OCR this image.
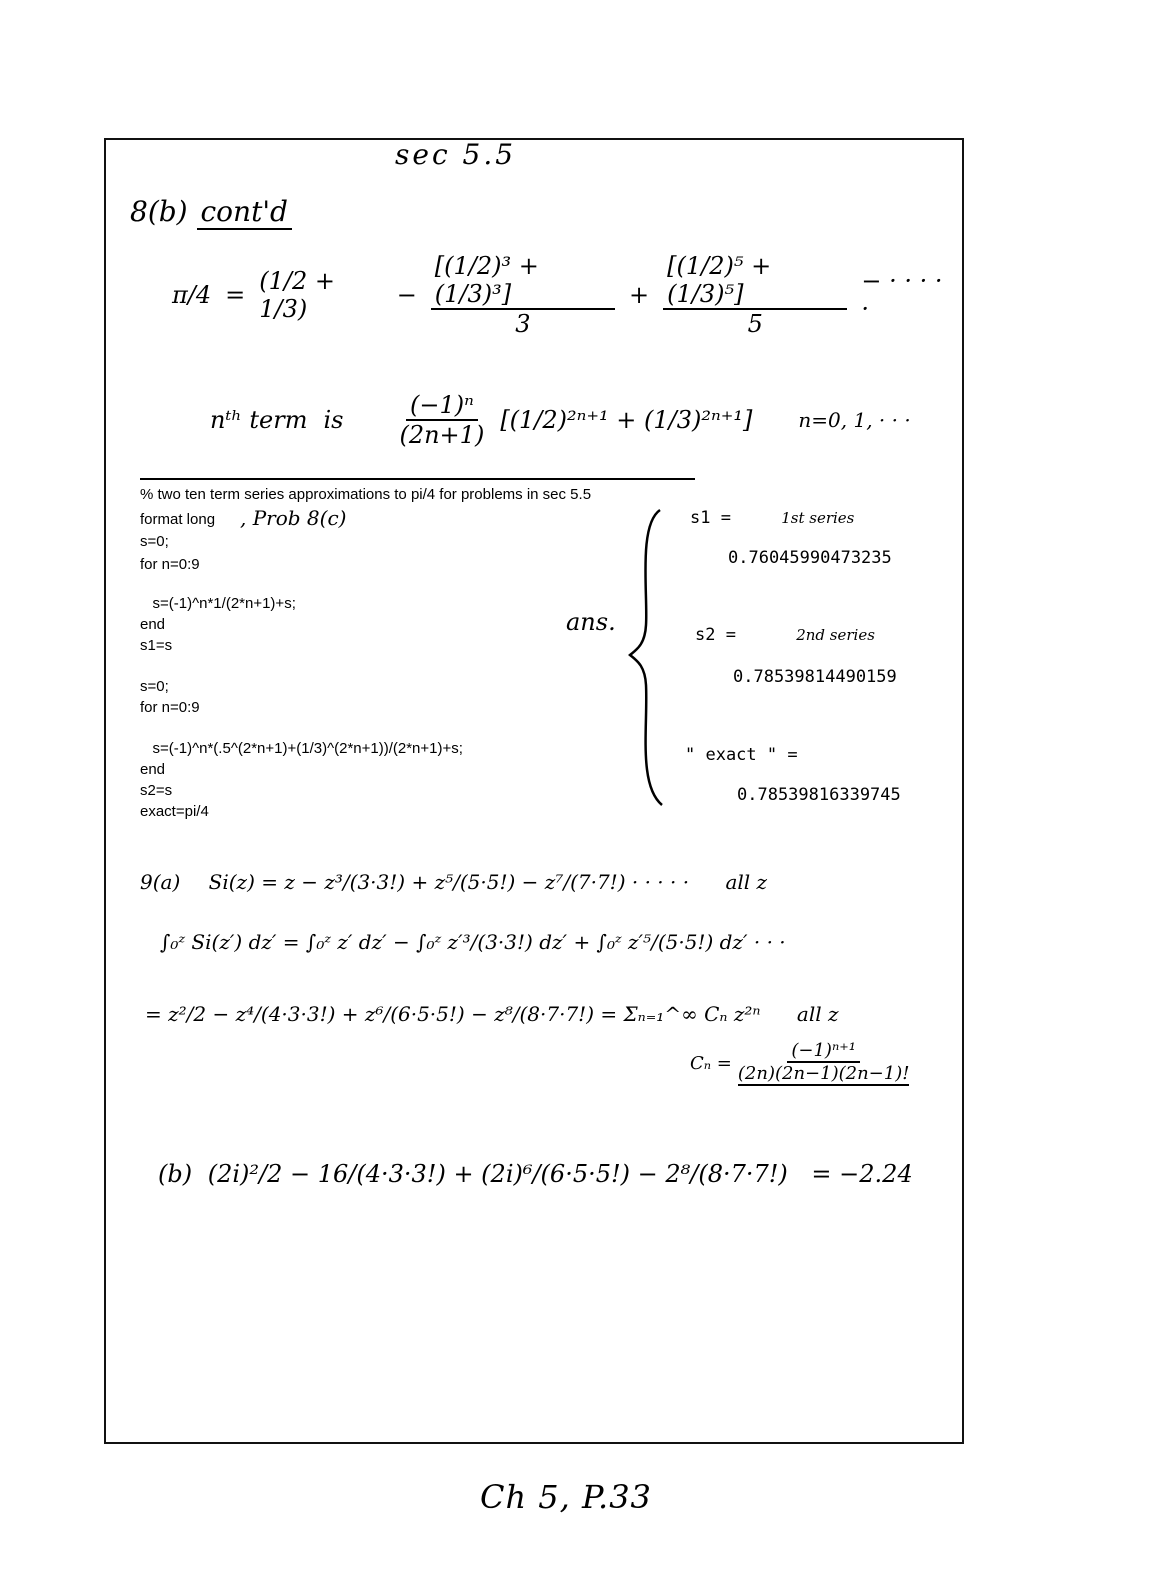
sec 5.5
8(b) cont'd
π/4 = (1/2 + 1/3)	− $\frac{\text{[(1/2)³ + (1/3)³]}}{3} + \frac{\text{[(1/2)⁵ + (1/3)⁵]}}{5}$ − · · · · ·
nᵗʰ term is $\frac{\text{(−1)ⁿ}}{(2n+1)} [(1/2)^{2n+1} + (1/3)^{2n+1}]$ n=0, 1, · · ·
% two ten term series approximations to pi/4 for problems in sec 5.5
format long , Prob 8(c)
s=0;
for n=0:9
s=(-1)^n*1/(2*n+1)+s;
end
s1=s
s=0;
for n=0:9
s=(-1)^n*(.5^(2*n+1)+(1/3)^(2*n+1))/(2*n+1)+s;
end
s2=s
exact=pi/4
ans.
s1 =	1st series
0.76045990473235
s2 =	2nd series
0.78539814490159
" exact " =
0.78539816339745
9(a) Si(z) = z − z³/(3·3!) + z⁵/(5·5!) − z⁷/(7·7!) · · · · · all z
∫₀ᶻ Si(z′) dz′ = ∫₀ᶻ z′ dz′ − ∫₀ᶻ z′³/(3·3!) dz′ + ∫₀ᶻ z′⁵/(5·5!) dz′ · · ·
= z²/2 − z⁴/(4·3·3!) + z⁶/(6·5·5!) − z⁸/(8·7·7!) = Σₙ₌₁^∞ Cₙ z²ⁿ all z
$C_n = \frac{\text{(−1)ⁿ⁺¹}}{(2n)(2n-1)(2n-1)!}$
(b) (2i)²/2 − 16/(4·3·3!) + (2i)⁶/(6·5·5!) − 2⁸/(8·7·7!) = −2.24
Ch 5, P.33
